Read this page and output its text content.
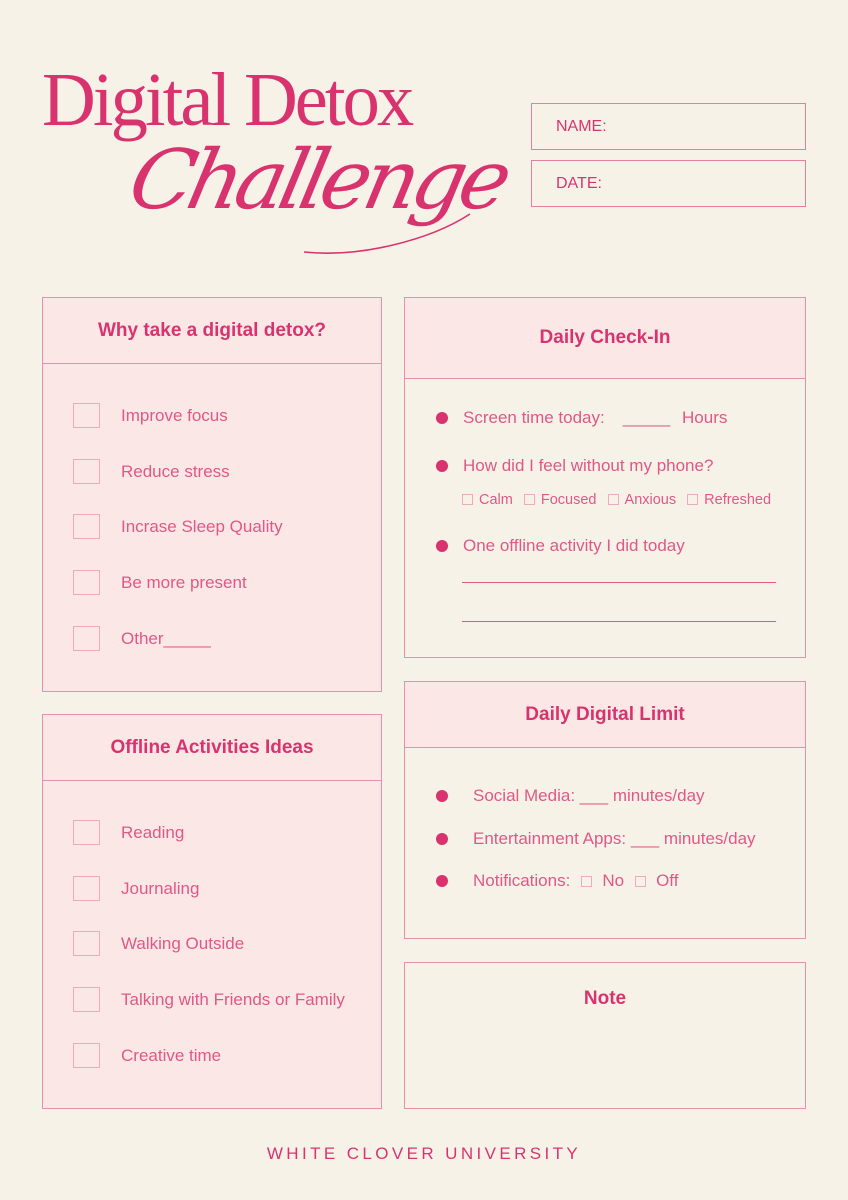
Digital Detox
Challenge
NAME:
DATE:
Why take a digital detox?
Improve focus
Reduce stress
Incrase Sleep Quality
Be more present
Other_____
Offline Activities Ideas
Reading
Journaling
Walking Outside
Talking with Friends or Family
Creative time
Daily Check-In
Screen time today: _____ Hours
How did I feel without my phone?
Calm Focused Anxious Refreshed
One offline activity I did today
Daily Digital Limit
Social Media: ___ minutes/day
Entertainment Apps: ___ minutes/day
Notifications:	No	Off
Note
WHITE CLOVER UNIVERSITY
